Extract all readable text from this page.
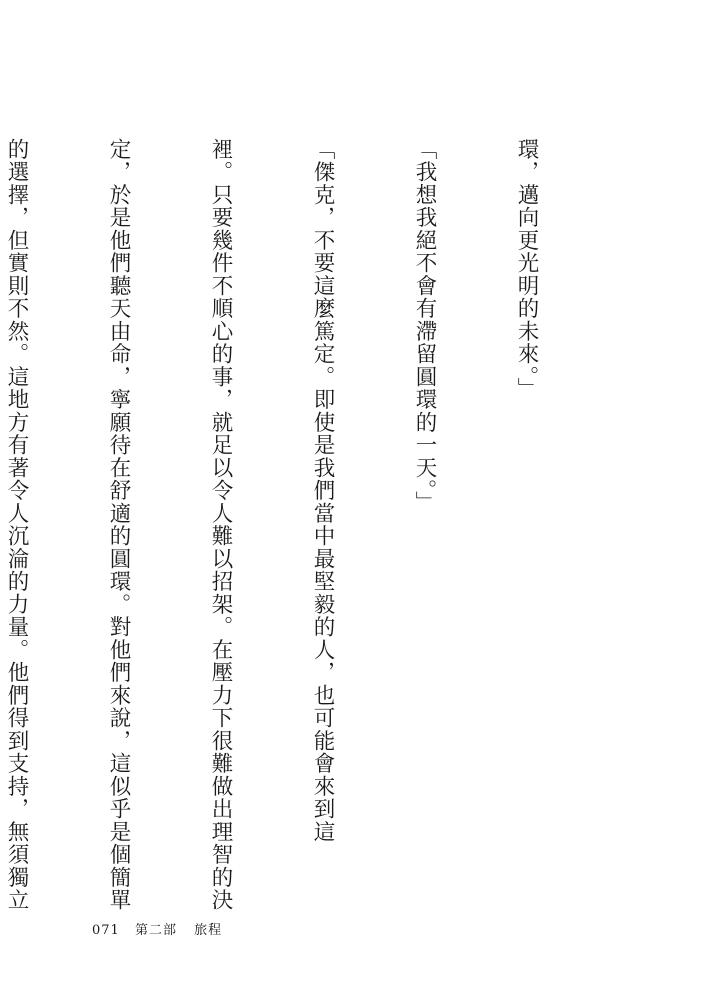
環，邁向更光明的未來。」

「我想我絕不會有滯留圓環的一天。」

「傑克，不要這麼篤定。即使是我們當中最堅毅的人，也可能會來到這

裡。只要幾件不順心的事，就足以令人難以招架。在壓力下很難做出理智的決

定，於是他們聽天由命，寧願待在舒適的圓環。對他們來說，這似乎是個簡單

的選擇，但實則不然。這地方有著令人沉淪的力量。他們得到支持，無須獨立

071 第二部 旅程
